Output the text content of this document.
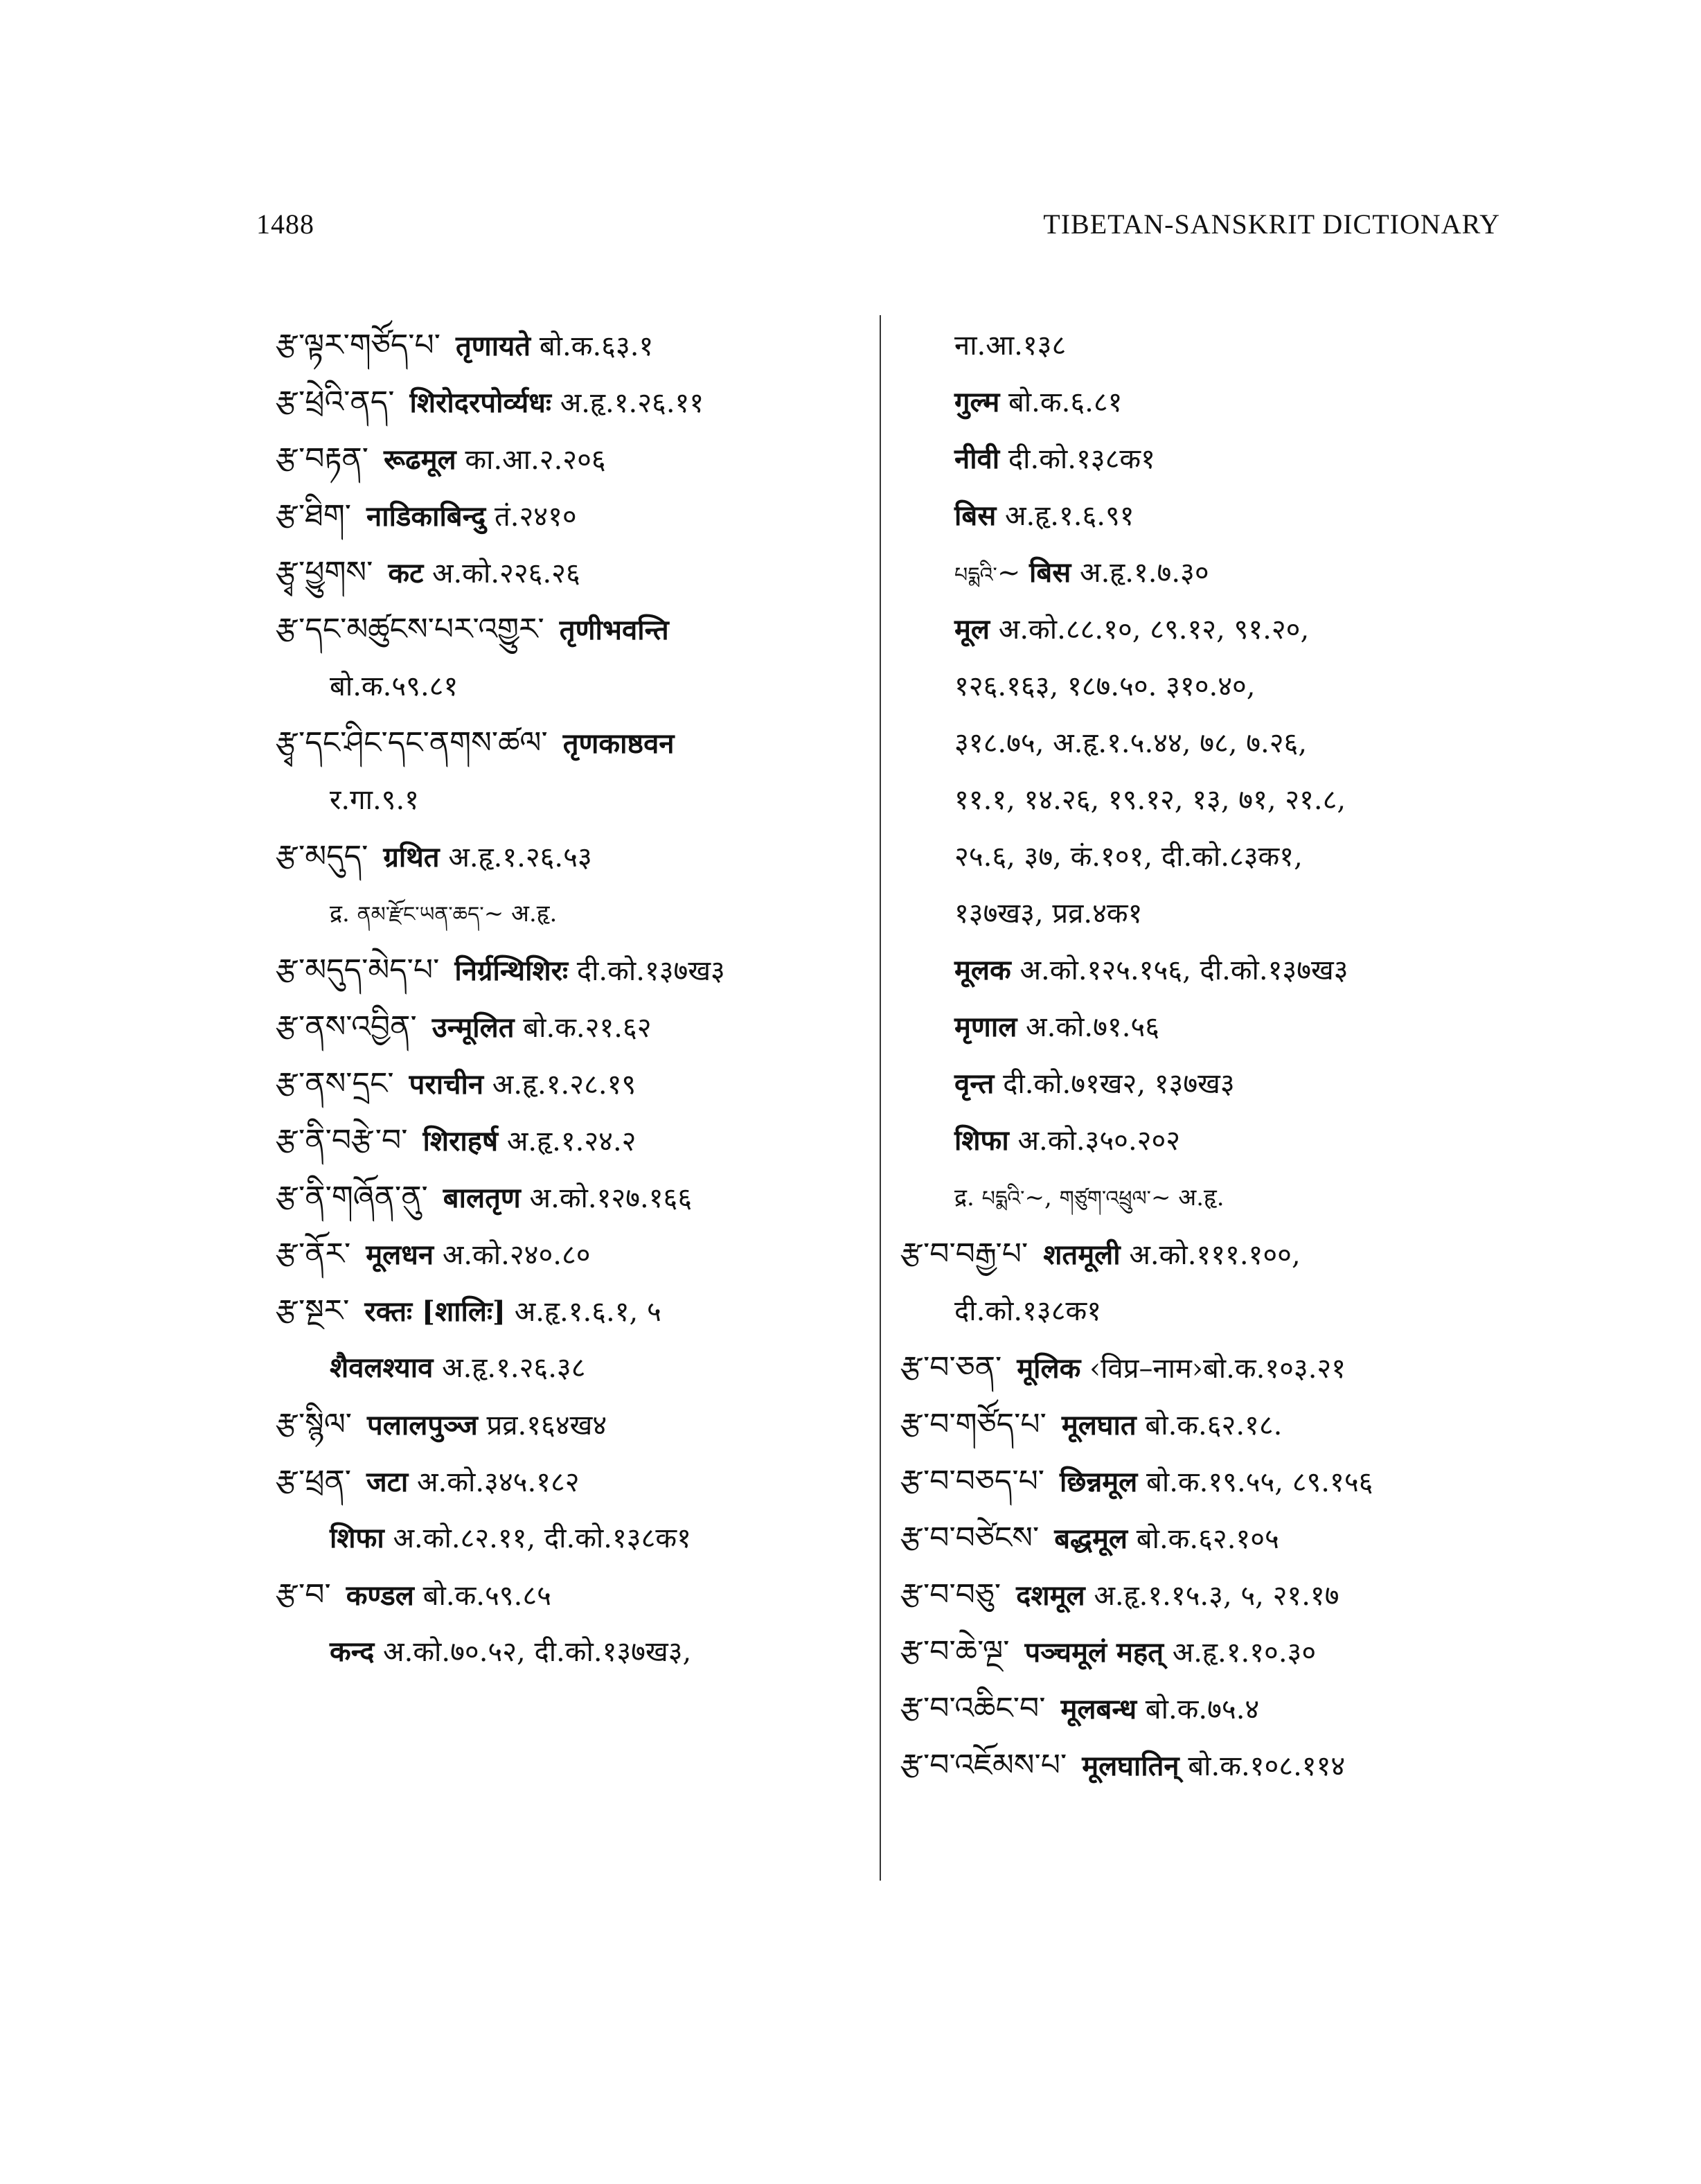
1488	TIBETAN-SANSKRIT DICTIONARY
རྩ་ལྟར་གཙོད་པ་ तृणायते बो.क.६३.१
རྩ་ཕྲེའི་ནད་ शिरोदरपोर्व्यधः अ.हृ.१.२६.११
རྩ་བརྟན་ रूढमूल का.आ.२.२०६
རྩ་ཐིག་ नाडिकाबिन्दु तं.२४१०
རྩྭ་ཕྱུགས་ कट अ.को.२२६.२६
རྩ་དང་མཚུངས་པར་འགྱུར་ तृणीभवन्ति
बो.क.५९.८१
རྩྭ་དང་ཤིང་དང་ནགས་ཚལ་ तृणकाष्ठवन
र.गा.९.१
རྩ་མདུད་ ग्रथित अ.हृ.१.२६.५३
द्र. ནམ་རྫོང་ཡན་ཆད་~ अ.हृ.
རྩ་མདུད་མེད་པ་ निर्ग्रन्थिशिरः दी.को.१३७ख३
རྩ་ནས་འབྱིན་ उन्मूलित बो.क.२१.६२
རྩ་ནས་དྲང་ पराचीन अ.हृ.१.२८.१९
རྩ་ནི་བརྩེ་བ་ शिराहर्ष अ.हृ.१.२४.२
རྩ་ནི་གཞོན་ནུ་ बालतृण अ.को.१२७.१६६
རྩ་ནོར་ मूलधन अ.को.२४०.८०
རྩ་སྔར་ रक्तः [शालिः] अ.हृ.१.६.१, ५
शैवलश्याव अ.हृ.१.२६.३८
རྩ་སྙིལ་ पलालपुञ्ज प्रव्र.१६४ख४
རྩ་ཕྲན་ जटा अ.को.३४५.१८२
शिफा अ.को.८२.११, दी.को.१३८क१
རྩ་བ་ कण्डल बो.क.५९.८५
कन्द अ.को.७०.५२, दी.को.१३७ख३,
ना.आ.१३८
गुल्म बो.क.६.८१
नीवी दी.को.१३८क१
बिस अ.हृ.१.६.९१
པདྨའི་~ बिस अ.हृ.१.७.३०
मूल अ.को.८८.१०, ८९.१२, ९१.२०,
१२६.१६३, १८७.५०. ३१०.४०,
३१८.७५, अ.हृ.१.५.४४, ७८, ७.२६,
११.१, १४.२६, १९.१२, १३, ७१, २१.८,
२५.६, ३७, कं.१०१, दी.को.८३क१,
१३७ख३, प्रव्र.४क१
मूलक अ.को.१२५.१५६, दी.को.१३७ख३
मृणाल अ.को.७१.५६
वृन्त दी.को.७१ख२, १३७ख३
शिफा अ.को.३५०.२०२
द्र. པདྨའི་~, གཙུག་འཕྲུལ་~ अ.हृ.
རྩ་བ་བརྒྱ་པ་ शतमूली अ.को.१११.१००,
दी.को.१३८क१
རྩ་བ་ཅན་ मूलिक ‹विप्र–नाम›बो.क.१०३.२१
རྩ་བ་གཙོད་པ་ मूलघात बो.क.६२.१८.
རྩ་བ་བཅད་པ་ छिन्नमूल बो.क.१९.५५, ८९.१५६
རྩ་བ་བཙེངས་ बद्धमूल बो.क.६२.१०५
རྩ་བ་བཅུ་ दशमूल अ.हृ.१.१५.३, ५, २१.१७
རྩ་བ་ཆེ་ལྔ་ पञ्चमूलं महत् अ.हृ.१.१०.३०
རྩ་བ་འཆིང་བ་ मूलबन्ध बो.क.७५.४
རྩ་བ་འཇོམས་པ་ मूलघातिन् बो.क.१०८.११४
